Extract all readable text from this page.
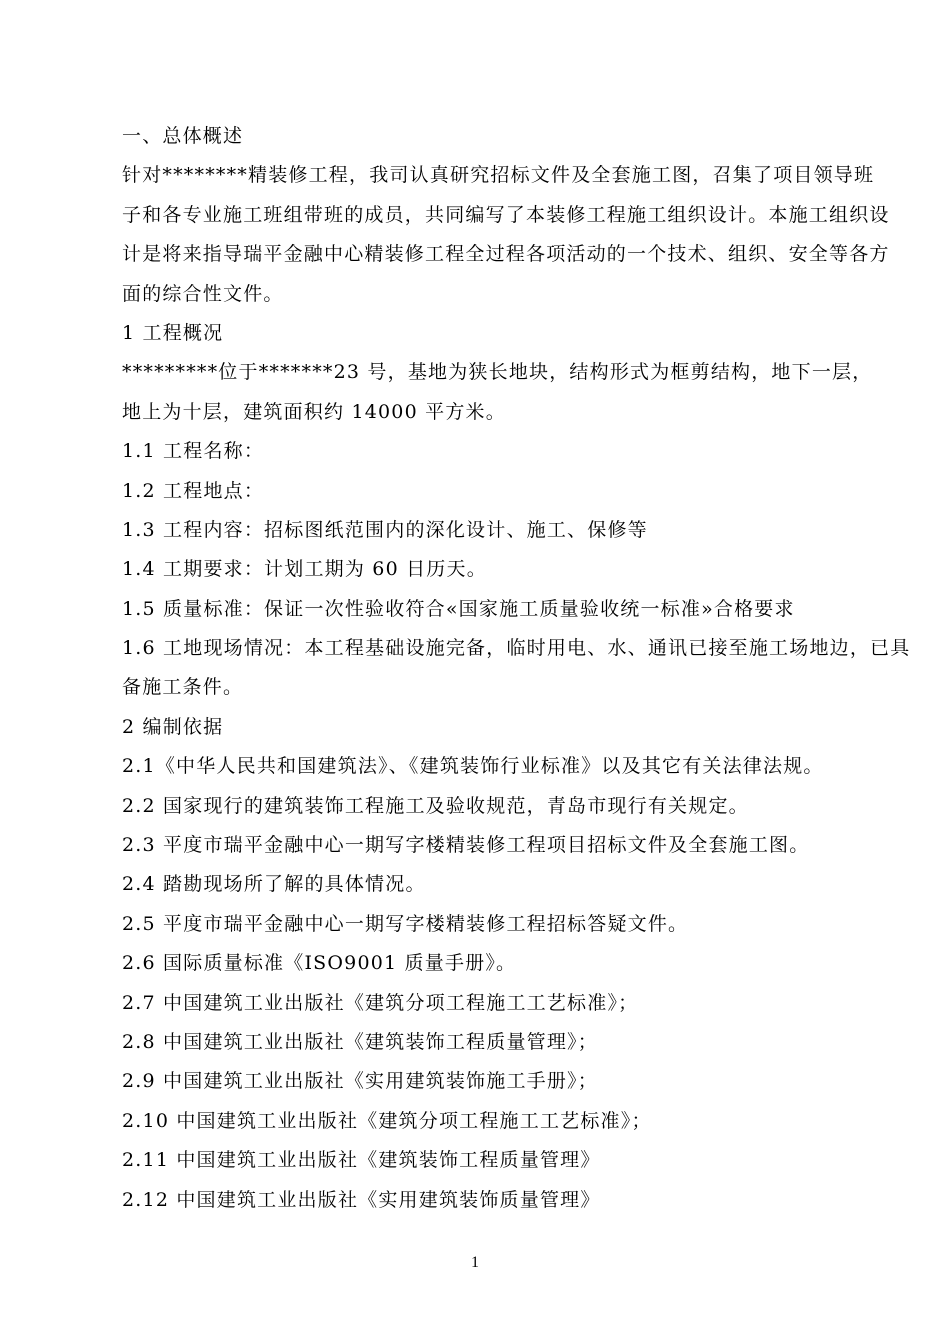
一、总体概述
针对********精装修工程，我司认真研究招标文件及全套施工图，召集了项目领导班
子和各专业施工班组带班的成员，共同编写了本装修工程施工组织设计。本施工组织设
计是将来指导瑞平金融中心精装修工程全过程各项活动的一个技术、组织、安全等各方
面的综合性文件。
1 工程概况
*********位于*******23 号，基地为狭长地块，结构形式为框剪结构，地下一层，
地上为十层，建筑面积约 14000 平方米。
1.1 工程名称：
1.2 工程地点：
1.3 工程内容：招标图纸范围内的深化设计、施工、保修等
1.4 工期要求：计划工期为 60 日历天。
1.5 质量标准：保证一次性验收符合«国家施工质量验收统一标准»合格要求
1.6 工地现场情况：本工程基础设施完备，临时用电、水、通讯已接至施工场地边，已具
备施工条件。
2 编制依据
2.1《中华人民共和国建筑法》、《建筑装饰行业标准》以及其它有关法律法规。
2.2 国家现行的建筑装饰工程施工及验收规范，青岛市现行有关规定。
2.3 平度市瑞平金融中心一期写字楼精装修工程项目招标文件及全套施工图。
2.4 踏勘现场所了解的具体情况。
2.5 平度市瑞平金融中心一期写字楼精装修工程招标答疑文件。
2.6 国际质量标准《ISO9001 质量手册》。
2.7 中国建筑工业出版社《建筑分项工程施工工艺标准》；
2.8 中国建筑工业出版社《建筑装饰工程质量管理》；
2.9 中国建筑工业出版社《实用建筑装饰施工手册》；
2.10 中国建筑工业出版社《建筑分项工程施工工艺标准》；
2.11 中国建筑工业出版社《建筑装饰工程质量管理》
2.12 中国建筑工业出版社《实用建筑装饰质量管理》
1
